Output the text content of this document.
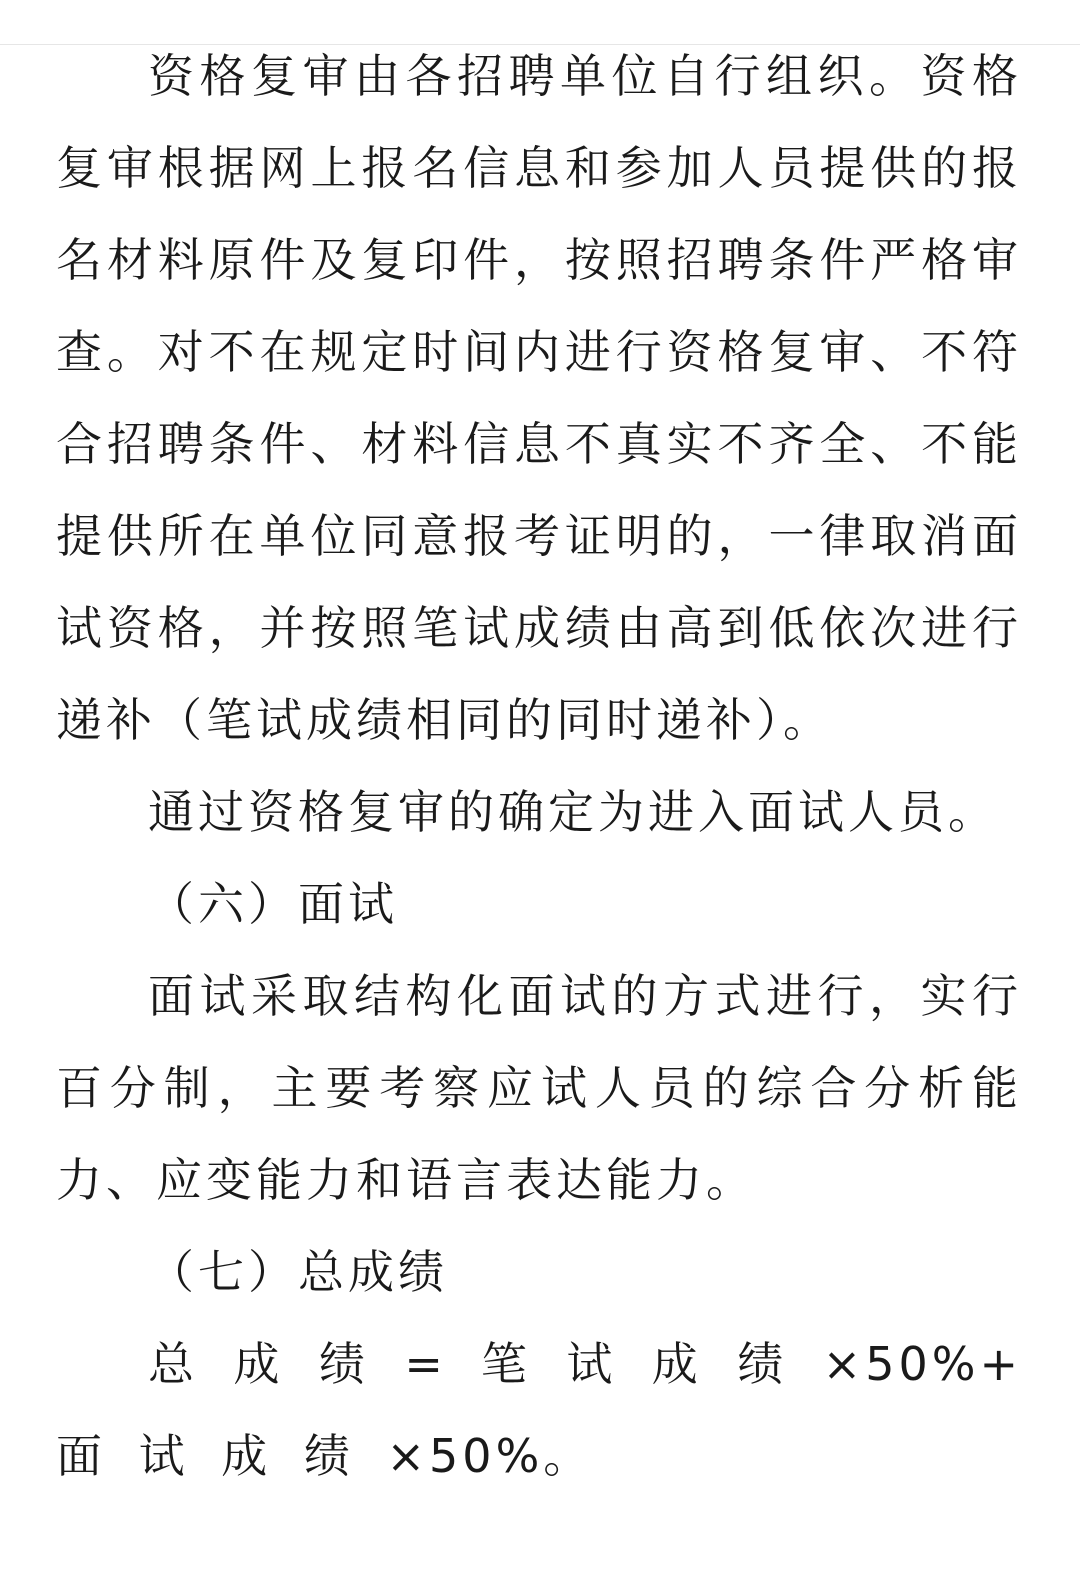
资格复审由各招聘单位自行组织。资格复审根据网上报名信息和参加人员提供的报名材料原件及复印件，按照招聘条件严格审查。对不在规定时间内进行资格复审、不符合招聘条件、材料信息不真实不齐全、不能提供所在单位同意报考证明的，一律取消面试资格，并按照笔试成绩由高到低依次进行递补（笔试成绩相同的同时递补）。

通过资格复审的确定为进入面试人员。

（六）面试

面试采取结构化面试的方式进行，实行百分制，主要考察应试人员的综合分析能力、应变能力和语言表达能力。

（七）总成绩

总 成 绩 = 笔 试 成 绩 ×50%+ 面 试 成 绩 ×50%。
